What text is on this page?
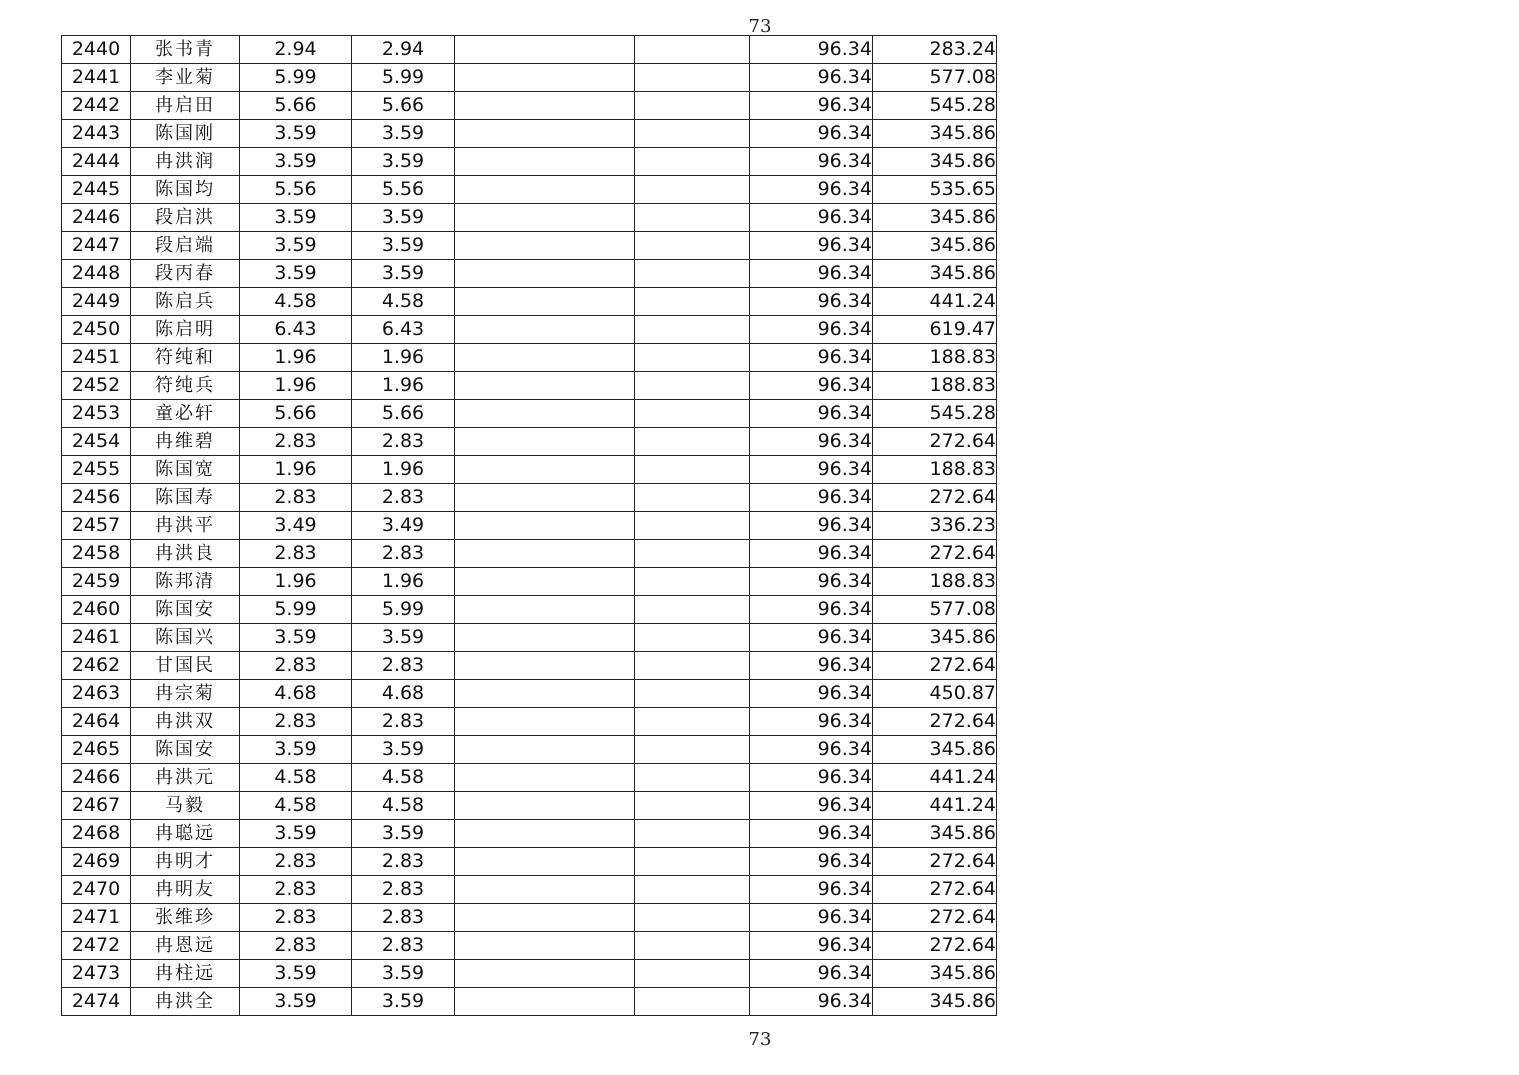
73
2440	张书青	2.94	2.94			96.34	283.24
2441	李业菊	5.99	5.99			96.34	577.08
2442	冉启田	5.66	5.66			96.34	545.28
2443	陈国刚	3.59	3.59			96.34	345.86
2444	冉洪润	3.59	3.59			96.34	345.86
2445	陈国均	5.56	5.56			96.34	535.65
2446	段启洪	3.59	3.59			96.34	345.86
2447	段启端	3.59	3.59			96.34	345.86
2448	段丙春	3.59	3.59			96.34	345.86
2449	陈启兵	4.58	4.58			96.34	441.24
2450	陈启明	6.43	6.43			96.34	619.47
2451	符纯和	1.96	1.96			96.34	188.83
2452	符纯兵	1.96	1.96			96.34	188.83
2453	童必轩	5.66	5.66			96.34	545.28
2454	冉维碧	2.83	2.83			96.34	272.64
2455	陈国宽	1.96	1.96			96.34	188.83
2456	陈国寿	2.83	2.83			96.34	272.64
2457	冉洪平	3.49	3.49			96.34	336.23
2458	冉洪良	2.83	2.83			96.34	272.64
2459	陈邦清	1.96	1.96			96.34	188.83
2460	陈国安	5.99	5.99			96.34	577.08
2461	陈国兴	3.59	3.59			96.34	345.86
2462	甘国民	2.83	2.83			96.34	272.64
2463	冉宗菊	4.68	4.68			96.34	450.87
2464	冉洪双	2.83	2.83			96.34	272.64
2465	陈国安	3.59	3.59			96.34	345.86
2466	冉洪元	4.58	4.58			96.34	441.24
2467	马毅	4.58	4.58			96.34	441.24
2468	冉聪远	3.59	3.59			96.34	345.86
2469	冉明才	2.83	2.83			96.34	272.64
2470	冉明友	2.83	2.83			96.34	272.64
2471	张维珍	2.83	2.83			96.34	272.64
2472	冉恩远	2.83	2.83			96.34	272.64
2473	冉柱远	3.59	3.59			96.34	345.86
2474	冉洪全	3.59	3.59			96.34	345.86
73
